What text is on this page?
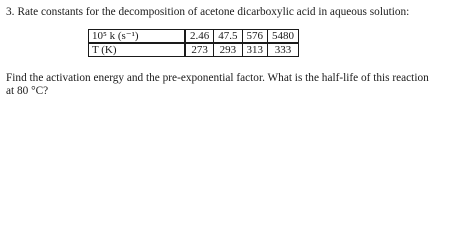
3. Rate constants for the decomposition of acetone dicarboxylic acid in aqueous solution:
10⁵ k (s⁻¹)	2.46	47.5	576	5480
T (K)	273	293	313	333
Find the activation energy and the pre-exponential factor. What is the half-life of this reaction
at 80 °C?
